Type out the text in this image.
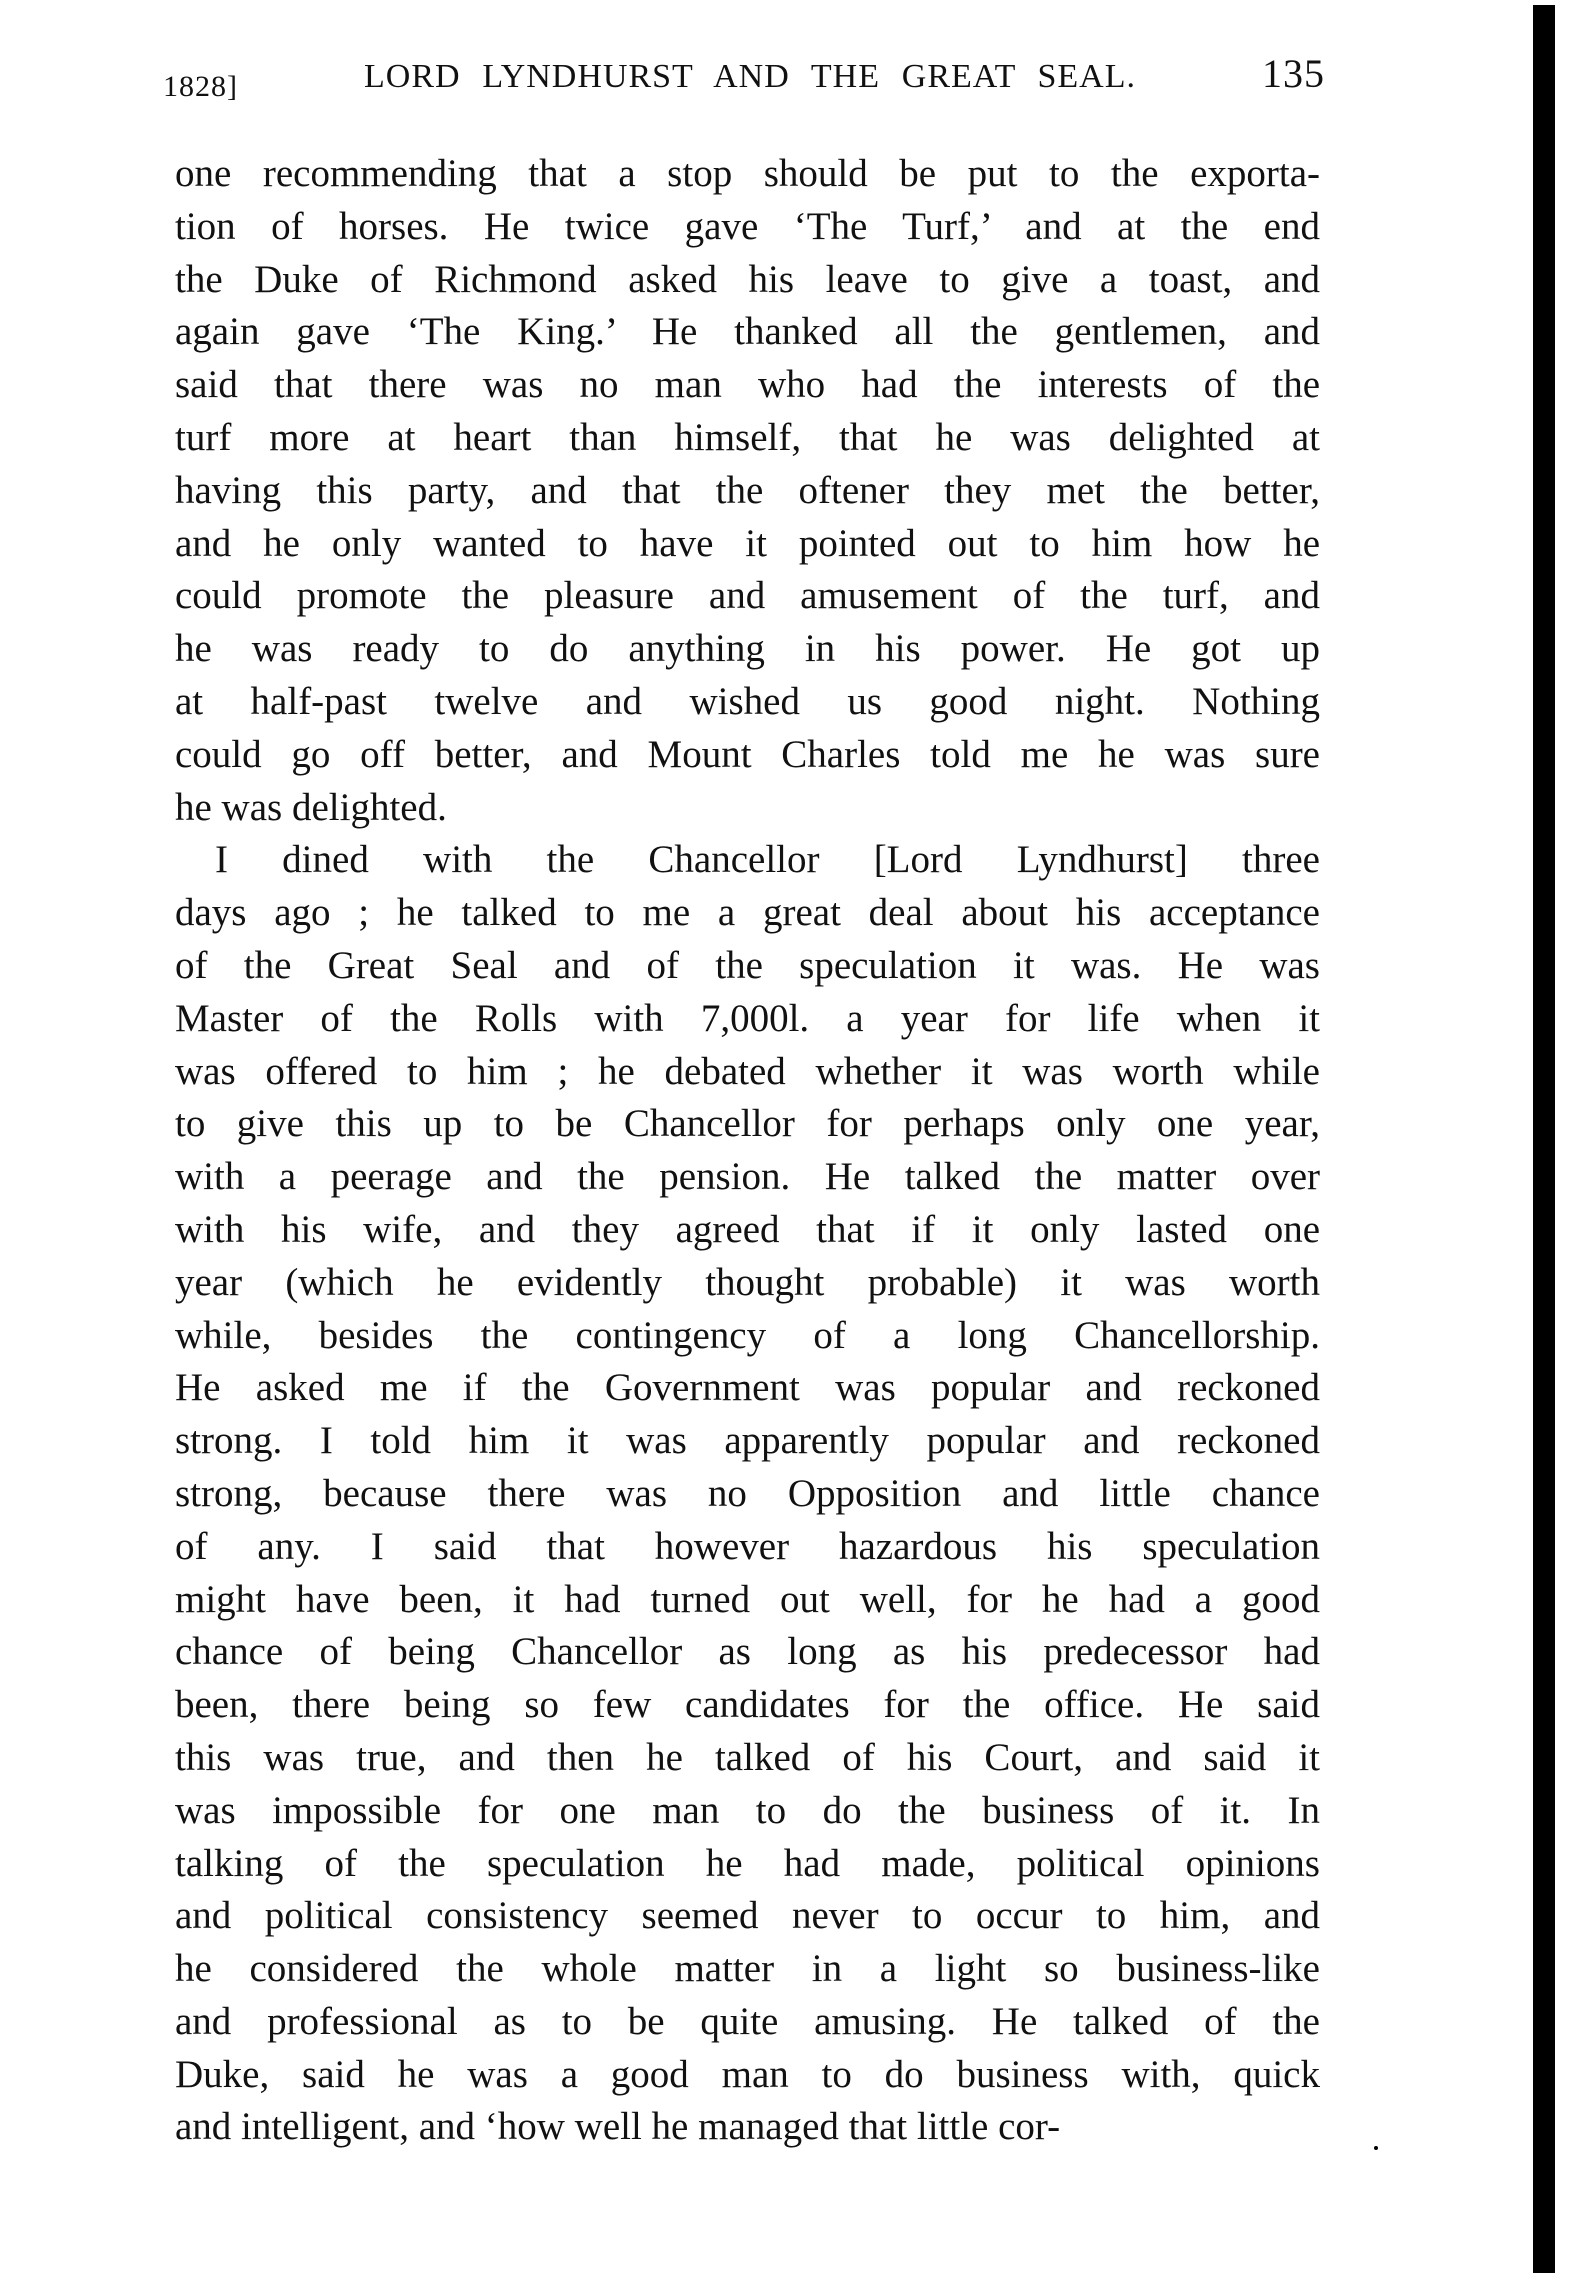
1828]	LORD LYNDHURST AND THE GREAT SEAL.	135
one recommending that a stop should be put to the exporta-
tion of horses. He twice gave ‘The Turf,’ and at the end
the Duke of Richmond asked his leave to give a toast, and
again gave ‘The King.’ He thanked all the gentlemen, and
said that there was no man who had the interests of the
turf more at heart than himself, that he was delighted at
having this party, and that the oftener they met the better,
and he only wanted to have it pointed out to him how he
could promote the pleasure and amusement of the turf, and
he was ready to do anything in his power. He got up
at half-past twelve and wished us good night. Nothing
could go off better, and Mount Charles told me he was sure
he was delighted.
I dined with the Chancellor [Lord Lyndhurst] three
days ago ; he talked to me a great deal about his acceptance
of the Great Seal and of the speculation it was. He was
Master of the Rolls with 7,000l. a year for life when it
was offered to him ; he debated whether it was worth while
to give this up to be Chancellor for perhaps only one year,
with a peerage and the pension. He talked the matter over
with his wife, and they agreed that if it only lasted one
year (which he evidently thought probable) it was worth
while, besides the contingency of a long Chancellorship.
He asked me if the Government was popular and reckoned
strong. I told him it was apparently popular and reckoned
strong, because there was no Opposition and little chance
of any. I said that however hazardous his speculation
might have been, it had turned out well, for he had a good
chance of being Chancellor as long as his predecessor had
been, there being so few candidates for the office. He said
this was true, and then he talked of his Court, and said it
was impossible for one man to do the business of it. In
talking of the speculation he had made, political opinions
and political consistency seemed never to occur to him, and
he considered the whole matter in a light so business-like
and professional as to be quite amusing. He talked of the
Duke, said he was a good man to do business with, quick
and intelligent, and ‘how well he managed that little cor-
